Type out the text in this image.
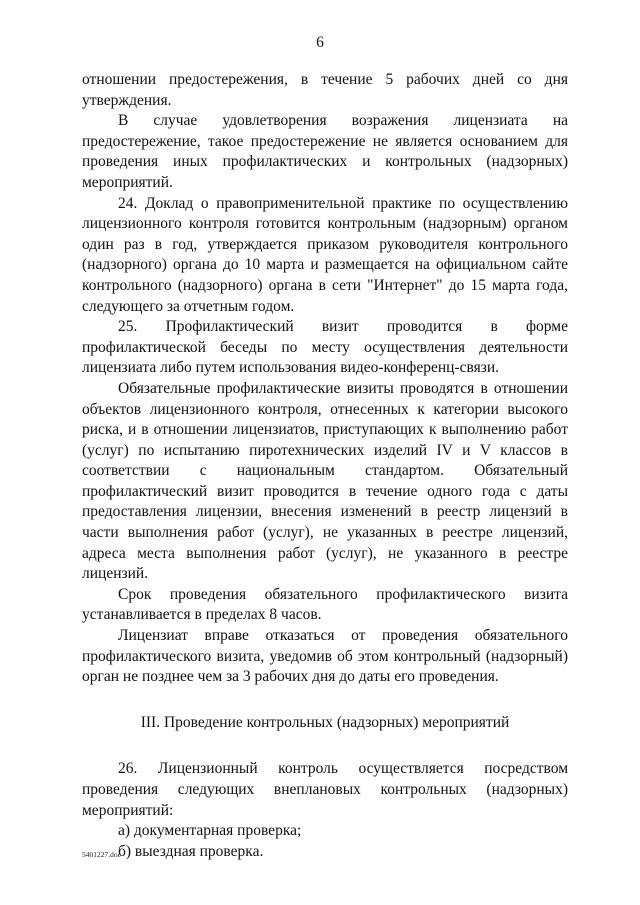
6

отношении предостережения, в течение 5 рабочих дней со дня утверждения.

В случае удовлетворения возражения лицензиата на предостережение, такое предостережение не является основанием для проведения иных профилактических и контрольных (надзорных) мероприятий.

24. Доклад о правоприменительной практике по осуществлению лицензионного контроля готовится контрольным (надзорным) органом один раз в год, утверждается приказом руководителя контрольного (надзорного) органа до 10 марта и размещается на официальном сайте контрольного (надзорного) органа в сети "Интернет" до 15 марта года, следующего за отчетным годом.

25. Профилактический визит проводится в форме профилактической беседы по месту осуществления деятельности лицензиата либо путем использования видео-конференц-связи.

Обязательные профилактические визиты проводятся в отношении объектов лицензионного контроля, отнесенных к категории высокого риска, и в отношении лицензиатов, приступающих к выполнению работ (услуг) по испытанию пиротехнических изделий IV и V классов в соответствии с национальным стандартом. Обязательный профилактический визит проводится в течение одного года с даты предоставления лицензии, внесения изменений в реестр лицензий в части выполнения работ (услуг), не указанных в реестре лицензий, адреса места выполнения работ (услуг), не указанного в реестре лицензий.

Срок проведения обязательного профилактического визита устанавливается в пределах 8 часов.

Лицензиат вправе отказаться от проведения обязательного профилактического визита, уведомив об этом контрольный (надзорный) орган не позднее чем за 3 рабочих дня до даты его проведения.

III. Проведение контрольных (надзорных) мероприятий

26. Лицензионный контроль осуществляется посредством проведения следующих внеплановых контрольных (надзорных) мероприятий:

а) документарная проверка;

б) выездная проверка.

5401227.doc
